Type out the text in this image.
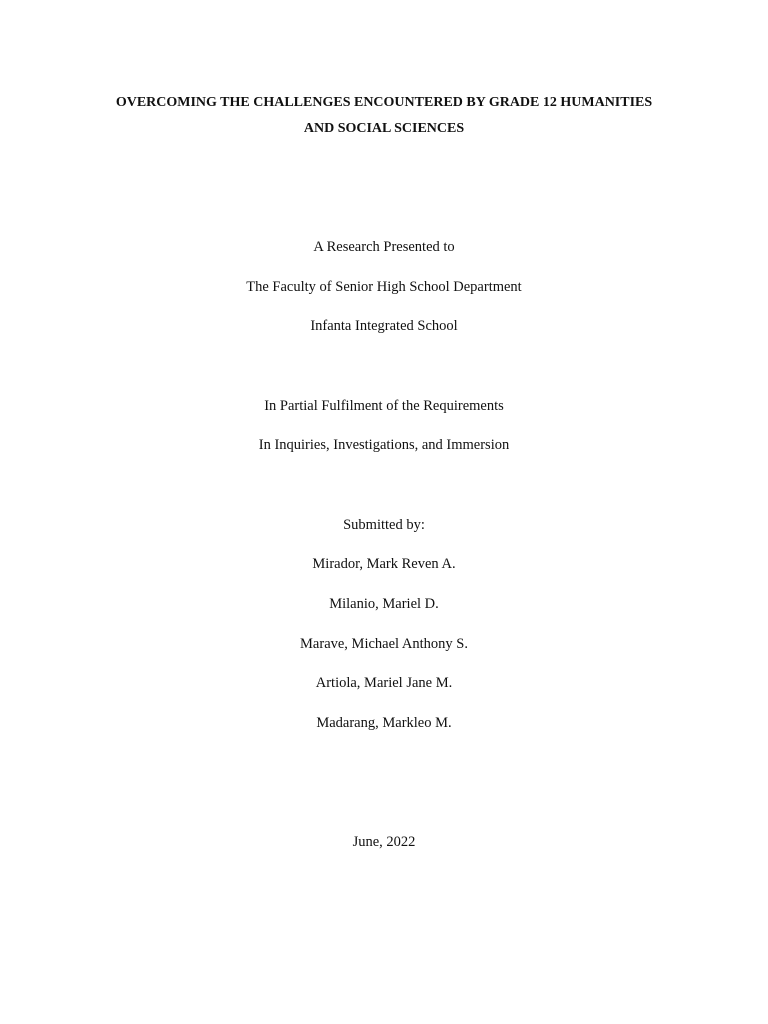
OVERCOMING THE CHALLENGES ENCOUNTERED BY GRADE 12 HUMANITIES
AND SOCIAL SCIENCES
A Research Presented to
The Faculty of Senior High School Department
Infanta Integrated School
In Partial Fulfilment of the Requirements
In Inquiries, Investigations, and Immersion
Submitted by:
Mirador, Mark Reven A.
Milanio, Mariel D.
Marave, Michael Anthony S.
Artiola, Mariel Jane M.
Madarang, Markleo M.
June, 2022
